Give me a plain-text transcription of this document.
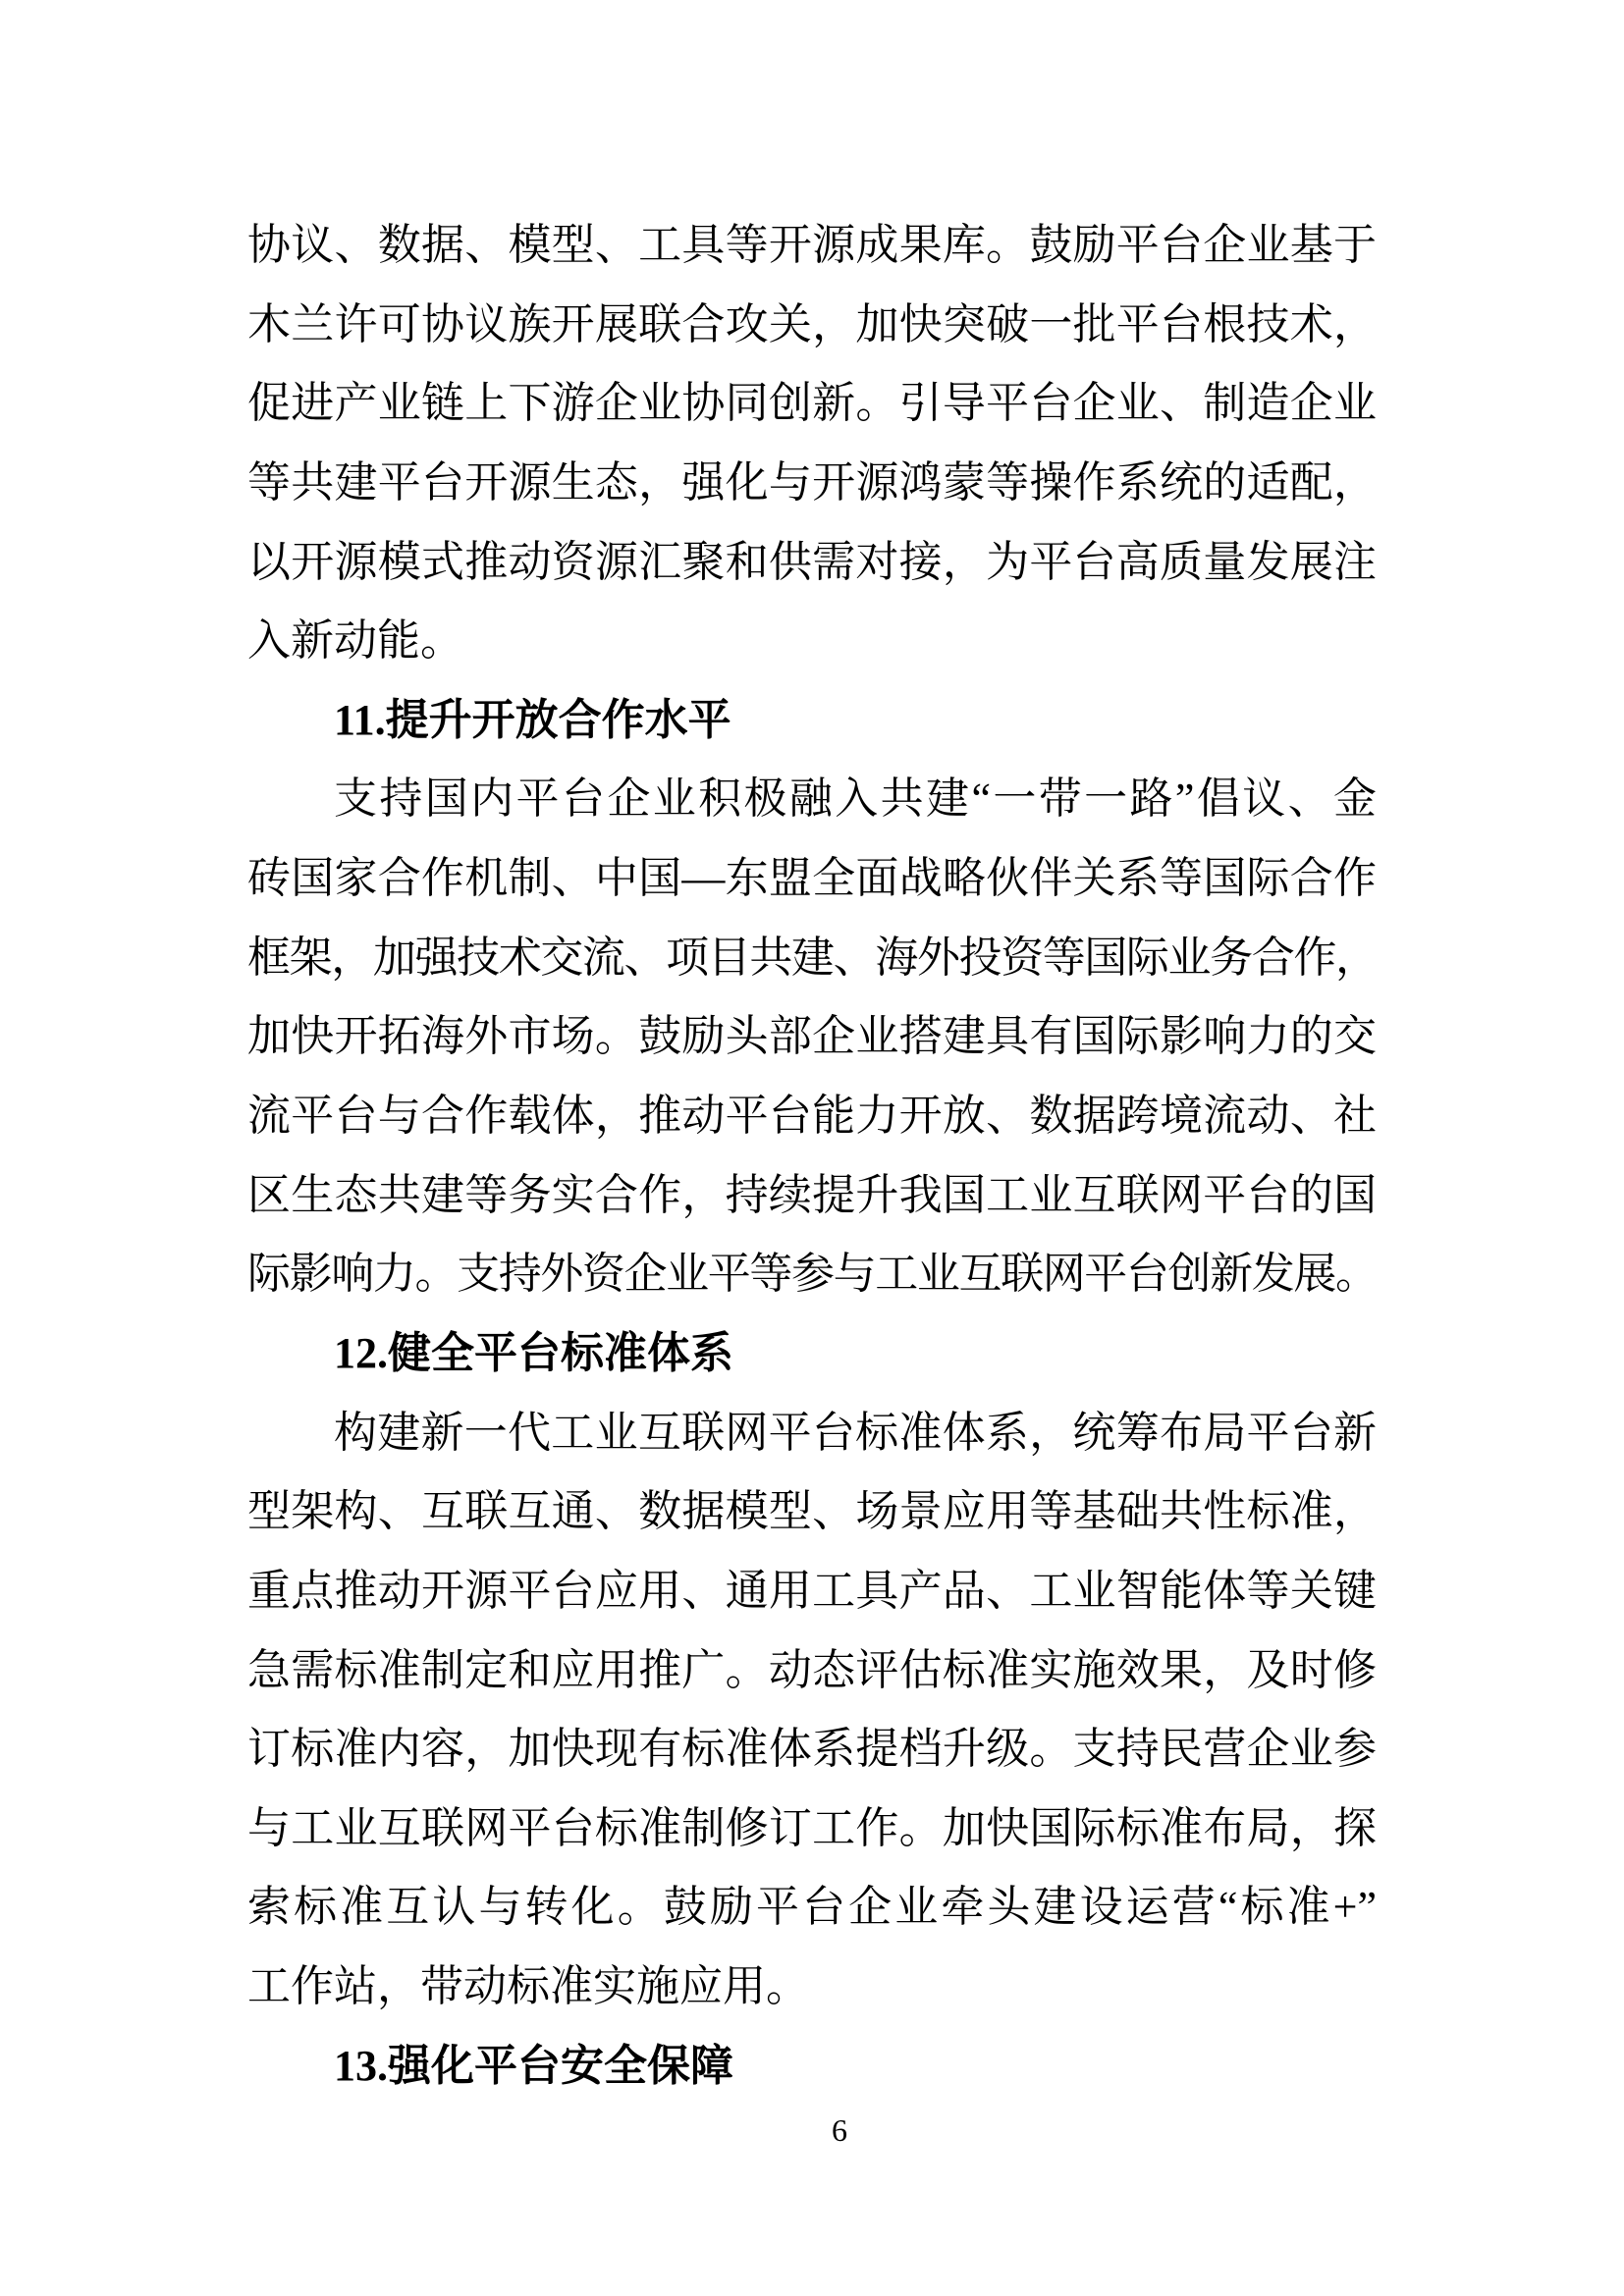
协议、数据、模型、工具等开源成果库。鼓励平台企业基于
木兰许可协议族开展联合攻关，加快突破一批平台根技术，
促进产业链上下游企业协同创新。引导平台企业、制造企业
等共建平台开源生态，强化与开源鸿蒙等操作系统的适配，
以开源模式推动资源汇聚和供需对接，为平台高质量发展注
入新动能。
11.提升开放合作水平
支持国内平台企业积极融入共建“一带一路”倡议、金
砖国家合作机制、中国—东盟全面战略伙伴关系等国际合作
框架，加强技术交流、项目共建、海外投资等国际业务合作，
加快开拓海外市场。鼓励头部企业搭建具有国际影响力的交
流平台与合作载体，推动平台能力开放、数据跨境流动、社
区生态共建等务实合作，持续提升我国工业互联网平台的国
际影响力。支持外资企业平等参与工业互联网平台创新发展。
12.健全平台标准体系
构建新一代工业互联网平台标准体系，统筹布局平台新
型架构、互联互通、数据模型、场景应用等基础共性标准，
重点推动开源平台应用、通用工具产品、工业智能体等关键
急需标准制定和应用推广。动态评估标准实施效果，及时修
订标准内容，加快现有标准体系提档升级。支持民营企业参
与工业互联网平台标准制修订工作。加快国际标准布局，探
索标准互认与转化。鼓励平台企业牵头建设运营“标准+”
工作站，带动标准实施应用。
13.强化平台安全保障
6
